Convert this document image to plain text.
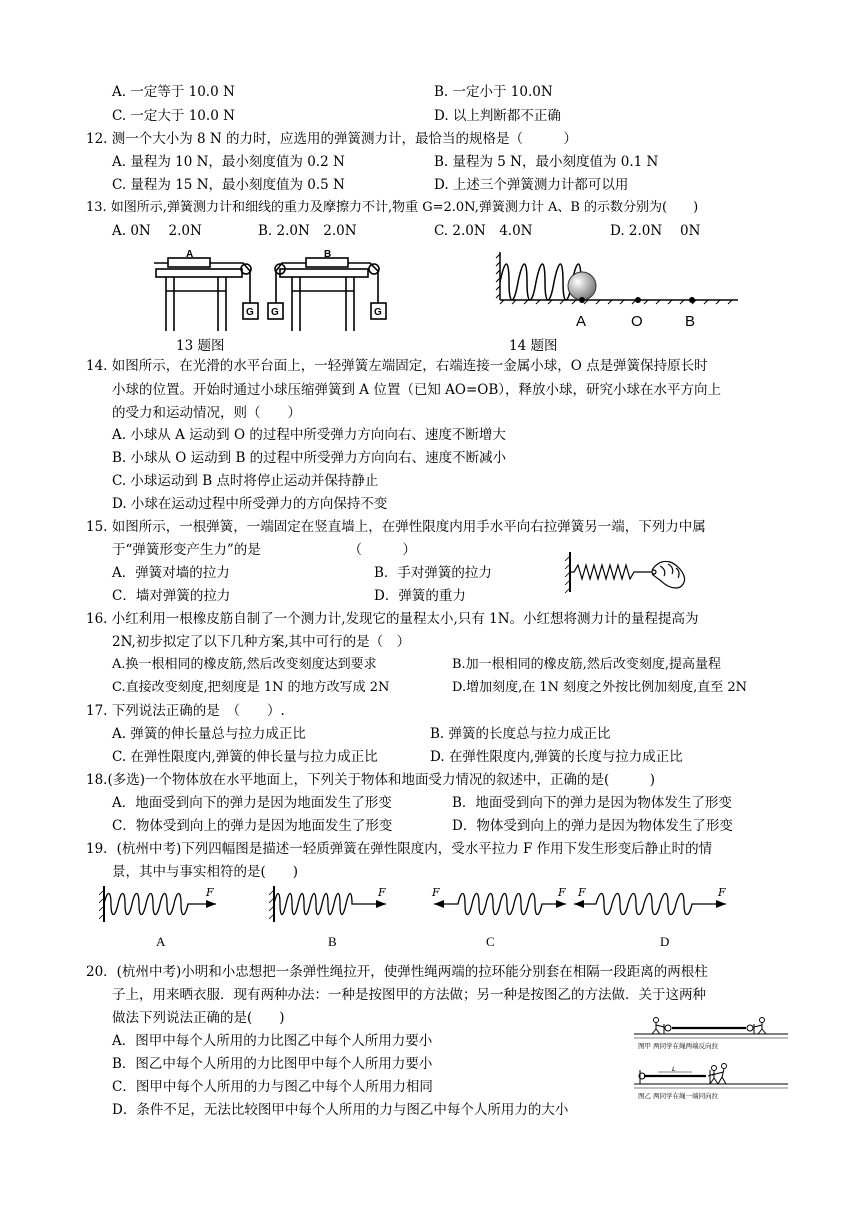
A. 一定等于 10.0 N	B. 一定小于 10.0N
C. 一定大于 10.0 N	D. 以上判断都不正确
12. 测一个大小为 8 N 的力时，应选用的弹簧测力计，最恰当的规格是（　　　）
A. 量程为 10 N，最小刻度值为 0.2 N	B. 量程为 5 N，最小刻度值为 0.1 N
C. 量程为 15 N，最小刻度值为 0.5 N	D. 上述三个弹簧测力计都可以用
13. 如图所示,弹簧测力计和细线的重力及摩擦力不计,物重 G=2.0N,弹簧测力计 A、B 的示数分别为(　　)
A. 0N　 2.0N	B. 2.0N　2.0N	C. 2.0N　4.0N	D. 2.0N　 0N
A	B
G G	G
13 题图
A	O	B
14 题图
14. 如图所示，在光滑的水平台面上，一轻弹簧左端固定，右端连接一金属小球，O 点是弹簧保持原长时
小球的位置。开始时通过小球压缩弹簧到 A 位置（已知 AO=OB），释放小球，研究小球在水平方向上
的受力和运动情况，则（　　）
A. 小球从 A 运动到 O 的过程中所受弹力方向向右、速度不断增大
B. 小球从 O 运动到 B 的过程中所受弹力方向向右、速度不断减小
C. 小球运动到 B 点时将停止运动并保持静止
D. 小球在运动过程中所受弹力的方向保持不变
15. 如图所示，一根弹簧，一端固定在竖直墙上，在弹性限度内用手水平向右拉弹簧另一端，下列力中属
于“弹簧形变产生力”的是　　　　　　　（　　　）
A．弹簧对墙的拉力	B．手对弹簧的拉力
C．墙对弹簧的拉力	D．弹簧的重力
16. 小红利用一根橡皮筋自制了一个测力计,发现它的量程太小,只有 1N。小红想将测力计的量程提高为
2N,初步拟定了以下几种方案,其中可行的是（　）
A.换一根相同的橡皮筋,然后改变刻度达到要求	B.加一根相同的橡皮筋,然后改变刻度,提高量程
C.直接改变刻度,把刻度是 1N 的地方改写成 2N	D.增加刻度,在 1N 刻度之外按比例加刻度,直至 2N
17. 下列说法正确的是　（　　）.
A. 弹簧的伸长量总与拉力成正比	B. 弹簧的长度总与拉力成正比
C. 在弹性限度内,弹簧的伸长量与拉力成正比	D. 在弹性限度内,弹簧的长度与拉力成正比
18.(多选)一个物体放在水平地面上，下列关于物体和地面受力情况的叙述中，正确的是(　　　)
A．地面受到向下的弹力是因为地面发生了形变	B．地面受到向下的弹力是因为物体发生了形变
C．物体受到向上的弹力是因为地面发生了形变	D．物体受到向上的弹力是因为物体发生了形变
19．(杭州中考)下列四幅图是描述一轻质弹簧在弹性限度内，受水平拉力 F 作用下发生形变后静止时的情
景，其中与事实相符的是(　　)
F	F	F	F F	F
A	B	C	D
20．(杭州中考)小明和小忠想把一条弹性绳拉开，使弹性绳两端的拉环能分别套在相隔一段距离的两根柱
子上，用来晒衣服．现有两种办法：一种是按图甲的方法做；另一种是按图乙的方法做．关于这两种
做法下列说法正确的是(　　)
A．图甲中每个人所用的力比图乙中每个人所用力要小
B．图乙中每个人所用的力比图甲中每个人所用力要小
C．图甲中每个人所用的力与图乙中每个人所用力相同
D．条件不足，无法比较图甲中每个人所用的力与图乙中每个人所用力的大小
图甲 两同学在绳两端反向拉
图乙 两同学在绳一端同向拉
L
